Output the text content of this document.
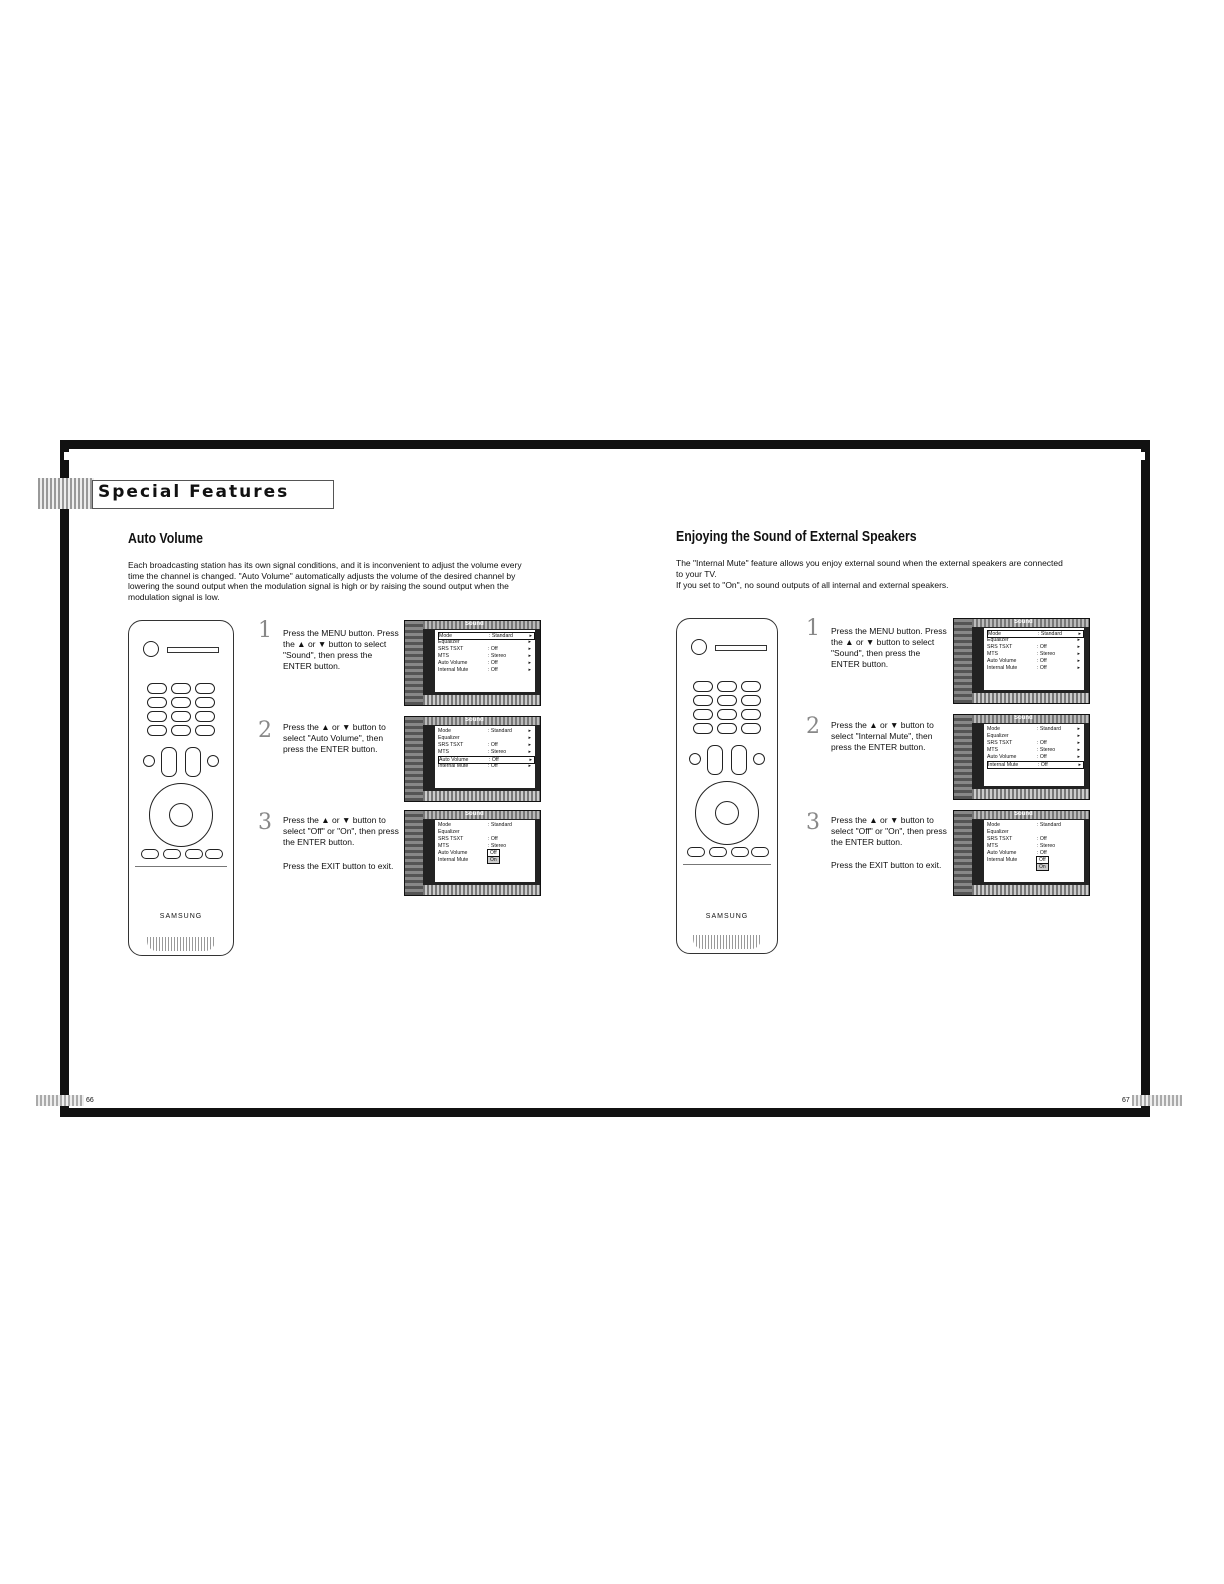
Special Features
Auto Volume

Each broadcasting station has its own signal conditions, and it is inconvenient to adjust the volume every time the channel is changed. "Auto Volume" automatically adjusts the volume of the desired channel by lowering the sound output when the modulation signal is high or by raising the sound output when the modulation signal is low.

SAMSUNG
1 Press the MENU button. Press the ▲ or ▼ button to select "Sound", then press the ENTER button.
2 Press the ▲ or ▼ button to select "Auto Volume", then press the ENTER button.
3 Press the ▲ or ▼ button to select "Off" or "On", then press the ENTER button.
Press the EXIT button to exit.
Sound
Mode	: Standard	▸
Equalizer	▸
SRS TSXT	: Off	▸
MTS	: Stereo	▸
Auto Volume	: Off	▸
Internal Mute	: Off	▸
Sound
Mode	: Standard	▸
Equalizer	▸
SRS TSXT	: Off	▸
MTS	: Stereo	▸
Auto Volume	: Off	▸
Internal Mute	: Off	▸
Sound
Mode	: Standard
Equalizer
SRS TSXT	: Off
MTS	: Stereo
Auto Volume
Internal Mute
Off
On
66
Enjoying the Sound of External Speakers

The "Internal Mute" feature allows you enjoy external sound when the external speakers are connected to your TV.

If you set to "On", no sound outputs of all internal and external speakers.

SAMSUNG
1 Press the MENU button. Press the ▲ or ▼ button to select "Sound", then press the ENTER button.
2 Press the ▲ or ▼ button to select "Internal Mute", then press the ENTER button.
3 Press the ▲ or ▼ button to select "Off" or "On", then press the ENTER button.
Press the EXIT button to exit.
Sound
Mode	: Standard	▸
Equalizer	▸
SRS TSXT	: Off	▸
MTS	: Stereo	▸
Auto Volume	: Off	▸
Internal Mute	: Off	▸
Sound
Mode	: Standard	▸
Equalizer	▸
SRS TSXT	: Off	▸
MTS	: Stereo	▸
Auto Volume	: Off	▸
Internal Mute	: Off	▸
Sound
Mode	: Standard
Equalizer
SRS TSXT	: Off
MTS	: Stereo
Auto Volume	: Off
Internal Mute	Off
On
67
